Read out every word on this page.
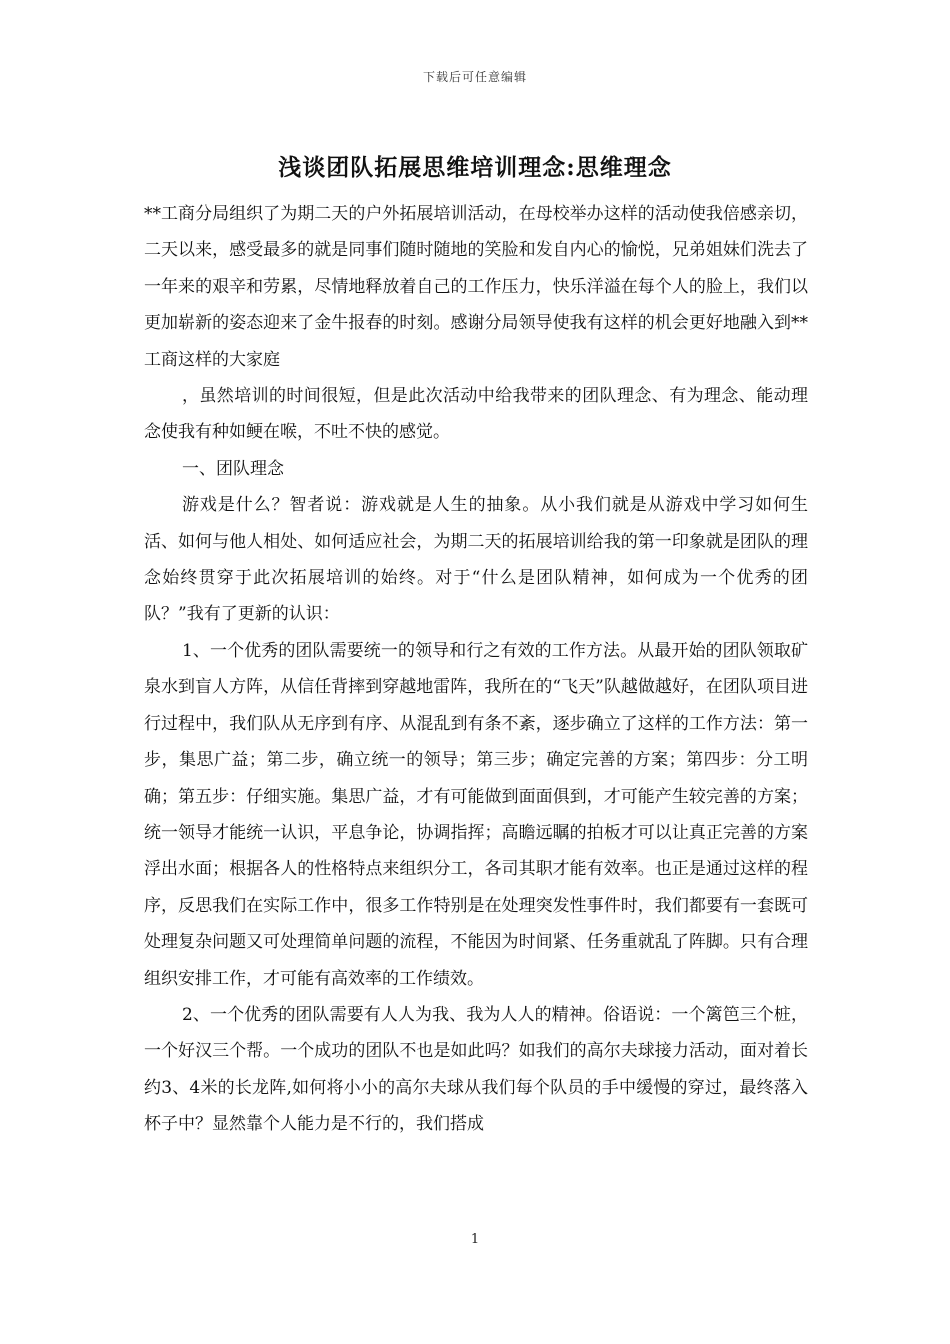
下载后可任意编辑
浅谈团队拓展思维培训理念:思维理念

**工商分局组织了为期二天的户外拓展培训活动，在母校举办这样的活动使我倍感亲切，二天以来，感受最多的就是同事们随时随地的笑脸和发自内心的愉悦，兄弟姐妹们洗去了一年来的艰辛和劳累，尽情地释放着自己的工作压力，快乐洋溢在每个人的脸上，我们以更加崭新的姿态迎来了金牛报春的时刻。感谢分局领导使我有这样的机会更好地融入到**工商这样的大家庭

，虽然培训的时间很短，但是此次活动中给我带来的团队理念、有为理念、能动理念使我有种如鲠在喉，不吐不快的感觉。

一、团队理念

游戏是什么？智者说：游戏就是人生的抽象。从小我们就是从游戏中学习如何生活、如何与他人相处、如何适应社会，为期二天的拓展培训给我的第一印象就是团队的理念始终贯穿于此次拓展培训的始终。对于“什么是团队精神，如何成为一个优秀的团队？”我有了更新的认识：

1、一个优秀的团队需要统一的领导和行之有效的工作方法。从最开始的团队领取矿泉水到盲人方阵，从信任背摔到穿越地雷阵，我所在的“飞天”队越做越好，在团队项目进行过程中，我们队从无序到有序、从混乱到有条不紊，逐步确立了这样的工作方法：第一步，集思广益；第二步，确立统一的领导；第三步；确定完善的方案；第四步：分工明确；第五步：仔细实施。集思广益，才有可能做到面面俱到，才可能产生较完善的方案；统一领导才能统一认识，平息争论，协调指挥；高瞻远瞩的拍板才可以让真正完善的方案浮出水面；根据各人的性格特点来组织分工，各司其职才能有效率。也正是通过这样的程序，反思我们在实际工作中，很多工作特别是在处理突发性事件时，我们都要有一套既可处理复杂问题又可处理简单问题的流程，不能因为时间紧、任务重就乱了阵脚。只有合理组织安排工作，才可能有高效率的工作绩效。

2、一个优秀的团队需要有人人为我、我为人人的精神。俗语说：一个篱笆三个桩，一个好汉三个帮。一个成功的团队不也是如此吗？如我们的高尔夫球接力活动，面对着长约3、4米的长龙阵,如何将小小的高尔夫球从我们每个队员的手中缓慢的穿过，最终落入杯子中？显然靠个人能力是不行的，我们搭成

1
